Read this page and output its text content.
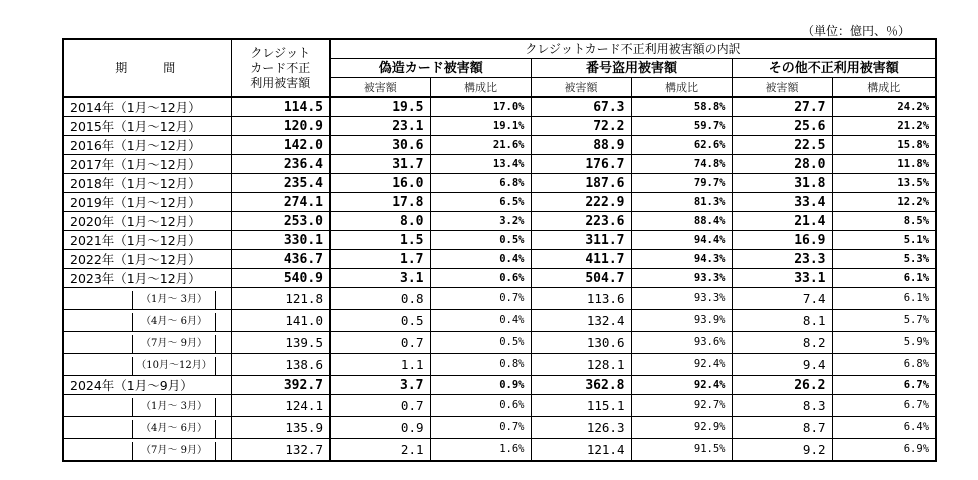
（単位：億円、％）
期　　間	クレジット
カード不正
利用被害額	クレジットカード不正利用被害額の内訳					
		偽造カード被害額		番号盗用被害額		その他不正利用被害額	
		被害額	構成比	被害額	構成比	被害額	構成比
2014年（1月～12月）	114.5	19.5	17.0%	67.3	58.8%	27.7	24.2%
2015年（1月～12月）	120.9	23.1	19.1%	72.2	59.7%	25.6	21.2%
2016年（1月～12月）	142.0	30.6	21.6%	88.9	62.6%	22.5	15.8%
2017年（1月～12月）	236.4	31.7	13.4%	176.7	74.8%	28.0	11.8%
2018年（1月～12月）	235.4	16.0	6.8%	187.6	79.7%	31.8	13.5%
2019年（1月～12月）	274.1	17.8	6.5%	222.9	81.3%	33.4	12.2%
2020年（1月～12月）	253.0	8.0	3.2%	223.6	88.4%	21.4	8.5%
2021年（1月～12月）	330.1	1.5	0.5%	311.7	94.4%	16.9	5.1%
2022年（1月～12月）	436.7	1.7	0.4%	411.7	94.3%	23.3	5.3%
2023年（1月～12月）	540.9	3.1	0.6%	504.7	93.3%	33.1	6.1%
（1月～ 3月）	121.8	0.8	0.7%	113.6	93.3%	7.4	6.1%
（4月～ 6月）	141.0	0.5	0.4%	132.4	93.9%	8.1	5.7%
（7月～ 9月）	139.5	0.7	0.5%	130.6	93.6%	8.2	5.9%
（10月～12月）	138.6	1.1	0.8%	128.1	92.4%	9.4	6.8%
2024年（1月～9月）	392.7	3.7	0.9%	362.8	92.4%	26.2	6.7%
（1月～ 3月）	124.1	0.7	0.6%	115.1	92.7%	8.3	6.7%
（4月～ 6月）	135.9	0.9	0.7%	126.3	92.9%	8.7	6.4%
（7月～ 9月）	132.7	2.1	1.6%	121.4	91.5%	9.2	6.9%
